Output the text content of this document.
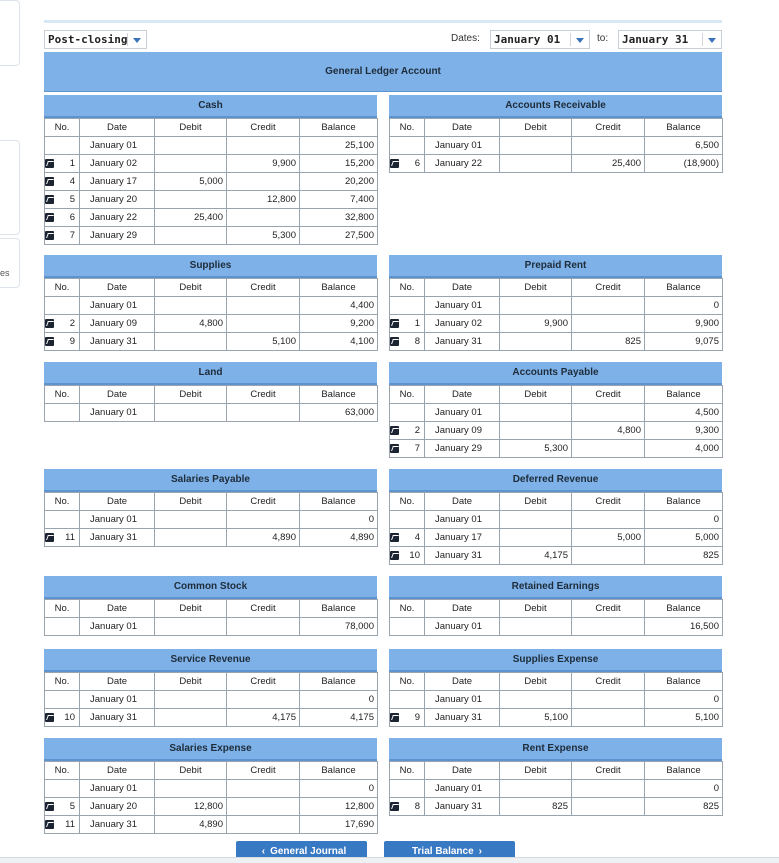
es
Post-closing	Dates:	January 01	to:	January 31
General Ledger Account
Cash
No.	Date	Debit	Credit	Balance
	January 01			25,100

1	January 02		9,900	15,200

4	January 17	5,000		20,200

5	January 20		12,800	7,400

6	January 22	25,400		32,800

7	January 29		5,300	27,500
Accounts Receivable
No.	Date	Debit	Credit	Balance
	January 01			6,500

6	January 22		25,400	(18,900)
Supplies
No.	Date	Debit	Credit	Balance
	January 01			4,400

2	January 09	4,800		9,200

9	January 31		5,100	4,100
Prepaid Rent
No.	Date	Debit	Credit	Balance
	January 01			0

1	January 02	9,900		9,900

8	January 31		825	9,075
Land
No.	Date	Debit	Credit	Balance
	January 01			63,000
Accounts Payable
No.	Date	Debit	Credit	Balance
	January 01			4,500

2	January 09		4,800	9,300

7	January 29	5,300		4,000
Salaries Payable
No.	Date	Debit	Credit	Balance
	January 01			0

11	January 31		4,890	4,890
Deferred Revenue
No.	Date	Debit	Credit	Balance
	January 01			0

4	January 17		5,000	5,000

10	January 31	4,175		825
Common Stock
No.	Date	Debit	Credit	Balance
	January 01			78,000
Retained Earnings
No.	Date	Debit	Credit	Balance
	January 01			16,500
Service Revenue
No.	Date	Debit	Credit	Balance
	January 01			0

10	January 31		4,175	4,175
Supplies Expense
No.	Date	Debit	Credit	Balance
	January 01			0

9	January 31	5,100		5,100
Salaries Expense
No.	Date	Debit	Credit	Balance
	January 01			0

5	January 20	12,800		12,800

11	January 31	4,890		17,690
Rent Expense
No.	Date	Debit	Credit	Balance
	January 01			0

8	January 31	825		825
‹ General Journal	Trial Balance ›
